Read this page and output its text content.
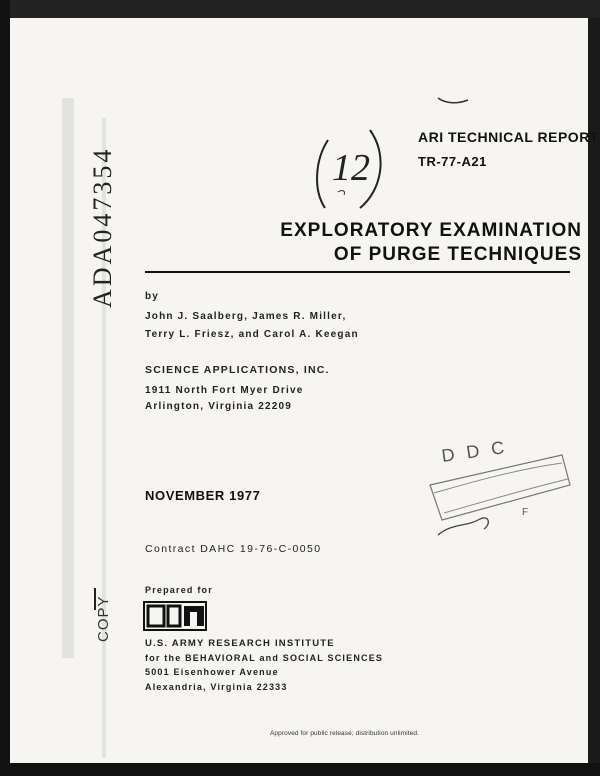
ADA047354	12
ARI TECHNICAL REPORT
TR-77-A21
EXPLORATORY EXAMINATION
OF PURGE TECHNIQUES
by
John J. Saalberg, James R. Miller,
Terry L. Friesz, and Carol A. Keegan
SCIENCE APPLICATIONS, INC.
1911 North Fort Myer Drive
Arlington, Virginia 22209
DDC
F
NOVEMBER 1977
Contract DAHC 19-76-C-0050
COPY
Prepared for
ari
U.S. ARMY RESEARCH INSTITUTE
for the BEHAVIORAL and SOCIAL SCIENCES
5001 Eisenhower Avenue
Alexandria, Virginia 22333
Approved for public release; distribution unlimited.
